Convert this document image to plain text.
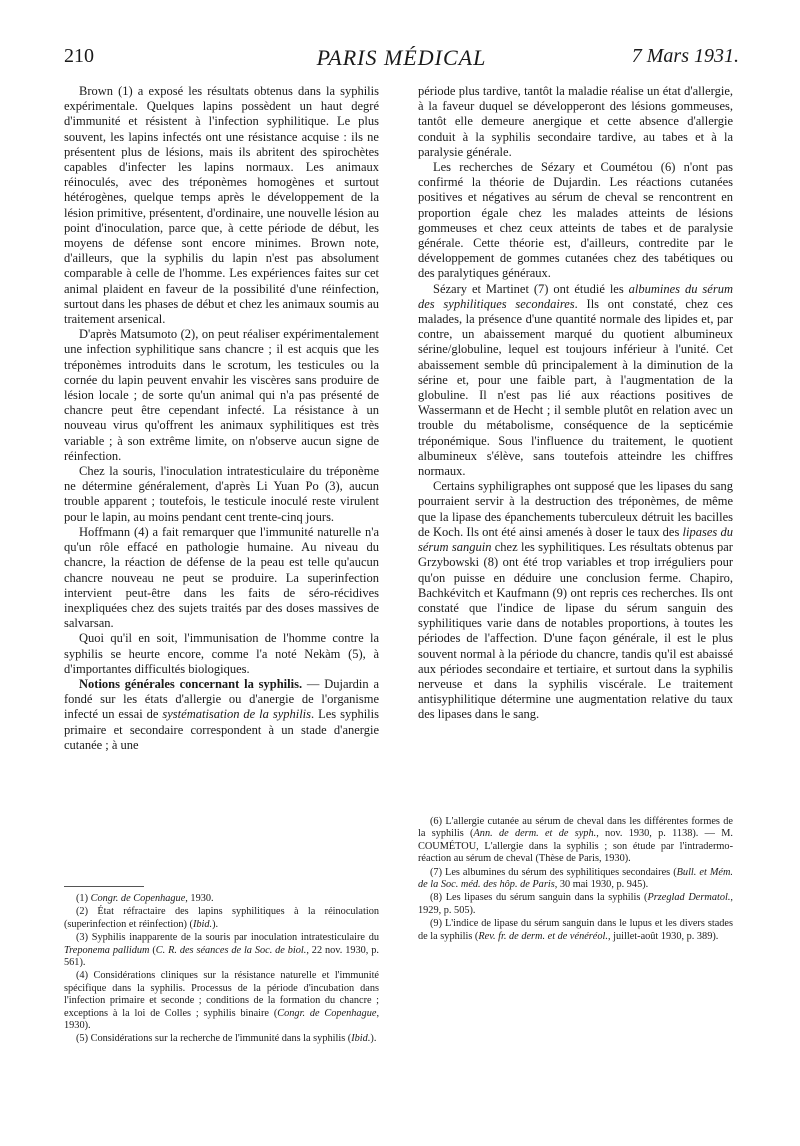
210	PARIS MÉDICAL	7 Mars 1931.

Brown (1) a exposé les résultats obtenus dans la syphilis expérimentale. Quelques lapins possèdent un haut degré d'immunité et résistent à l'infection syphilitique. Le plus souvent, les lapins infectés ont une résistance acquise : ils ne présentent plus de lésions, mais ils abritent des spirochètes capables d'infecter les lapins normaux. Les animaux réinoculés, avec des tréponèmes homogènes et surtout hétérogènes, quelque temps après le développement de la lésion primitive, présentent, d'ordinaire, une nouvelle lésion au point d'inoculation, parce que, à cette période de début, les moyens de défense sont encore minimes. Brown note, d'ailleurs, que la syphilis du lapin n'est pas absolument comparable à celle de l'homme. Les expériences faites sur cet animal plaident en faveur de la possibilité d'une réinfection, surtout dans les phases de début et chez les animaux soumis au traitement arsenical.

D'après Matsumoto (2), on peut réaliser expérimentalement une infection syphilitique sans chancre ; il est acquis que les tréponèmes introduits dans le scrotum, les testicules ou la cornée du lapin peuvent envahir les viscères sans produire de lésion locale ; de sorte qu'un animal qui n'a pas présenté de chancre peut être cependant infecté. La résistance à un nouveau virus qu'offrent les animaux syphilitiques est très variable ; à son extrême limite, on n'observe aucun signe de réinfection.

Chez la souris, l'inoculation intratesticulaire du tréponème ne détermine généralement, d'après Li Yuan Po (3), aucun trouble apparent ; toutefois, le testicule inoculé reste virulent pour le lapin, au moins pendant cent trente-cinq jours.

Hoffmann (4) a fait remarquer que l'immunité naturelle n'a qu'un rôle effacé en pathologie humaine. Au niveau du chancre, la réaction de défense de la peau est telle qu'aucun chancre nouveau ne peut se produire. La superinfection intervient peut-être dans les faits de séro-récidives inexpliquées chez des sujets traités par des doses massives de salvarsan.

Quoi qu'il en soit, l'immunisation de l'homme contre la syphilis se heurte encore, comme l'a noté Nekàm (5), à d'importantes difficultés biologiques.

Notions générales concernant la syphilis. — Dujardin a fondé sur les états d'allergie ou d'anergie de l'organisme infecté un essai de systématisation de la syphilis. Les syphilis primaire et secondaire correspondent à un stade d'anergie cutanée ; à une

période plus tardive, tantôt la maladie réalise un état d'allergie, à la faveur duquel se développeront des lésions gommeuses, tantôt elle demeure anergique et cette absence d'allergie conduit à la syphilis secondaire tardive, au tabes et à la paralysie générale.

Les recherches de Sézary et Coumétou (6) n'ont pas confirmé la théorie de Dujardin. Les réactions cutanées positives et négatives au sérum de cheval se rencontrent en proportion égale chez les malades atteints de lésions gommeuses et chez ceux atteints de tabes et de paralysie générale. Cette théorie est, d'ailleurs, contredite par le développement de gommes cutanées chez des tabétiques ou des paralytiques généraux.

Sézary et Martinet (7) ont étudié les albumines du sérum des syphilitiques secondaires. Ils ont constaté, chez ces malades, la présence d'une quantité normale des lipides et, par contre, un abaissement marqué du quotient albumineux sérine/globuline, lequel est toujours inférieur à l'unité. Cet abaissement semble dû principalement à la diminution de la sérine et, pour une faible part, à l'augmentation de la globuline. Il n'est pas lié aux réactions positives de Wassermann et de Hecht ; il semble plutôt en relation avec un trouble du métabolisme, conséquence de la septicémie tréponémique. Sous l'influence du traitement, le quotient albumineux s'élève, sans toutefois atteindre les chiffres normaux.

Certains syphiligraphes ont supposé que les lipases du sang pourraient servir à la destruction des tréponèmes, de même que la lipase des épanchements tuberculeux détruit les bacilles de Koch. Ils ont été ainsi amenés à doser le taux des lipases du sérum sanguin chez les syphilitiques. Les résultats obtenus par Grzybowski (8) ont été trop variables et trop irréguliers pour qu'on puisse en déduire une conclusion ferme. Chapiro, Bachkévitch et Kaufmann (9) ont repris ces recherches. Ils ont constaté que l'indice de lipase du sérum sanguin des syphilitiques varie dans de notables proportions, à toutes les périodes de l'affection. D'une façon générale, il est le plus souvent normal à la période du chancre, tandis qu'il est abaissé aux périodes secondaire et tertiaire, et surtout dans la syphilis nerveuse et dans la syphilis viscérale. Le traitement antisyphilitique détermine une augmentation relative du taux des lipases dans le sang.

(1) Congr. de Copenhague, 1930.

(2) État réfractaire des lapins syphilitiques à la réinoculation (superinfection et réinfection) (Ibid.).

(3) Syphilis inapparente de la souris par inoculation intratesticulaire du Treponema pallidum (C. R. des séances de la Soc. de biol., 22 nov. 1930, p. 561).

(4) Considérations cliniques sur la résistance naturelle et l'immunité spécifique dans la syphilis. Processus de la période d'incubation dans l'infection primaire et seconde ; conditions de la formation du chancre ; exceptions à la loi de Colles ; syphilis binaire (Congr. de Copenhague, 1930).

(5) Considérations sur la recherche de l'immunité dans la syphilis (Ibid.).

(6) L'allergie cutanée au sérum de cheval dans les différentes formes de la syphilis (Ann. de derm. et de syph., nov. 1930, p. 1138). — M. COUMÉTOU, L'allergie dans la syphilis ; son étude par l'intradermo-réaction au sérum de cheval (Thèse de Paris, 1930).

(7) Les albumines du sérum des syphilitiques secondaires (Bull. et Mém. de la Soc. méd. des hôp. de Paris, 30 mai 1930, p. 945).

(8) Les lipases du sérum sanguin dans la syphilis (Przeglad Dermatol., 1929, p. 505).

(9) L'indice de lipase du sérum sanguin dans le lupus et les divers stades de la syphilis (Rev. fr. de derm. et de vénéréol., juillet-août 1930, p. 389).
